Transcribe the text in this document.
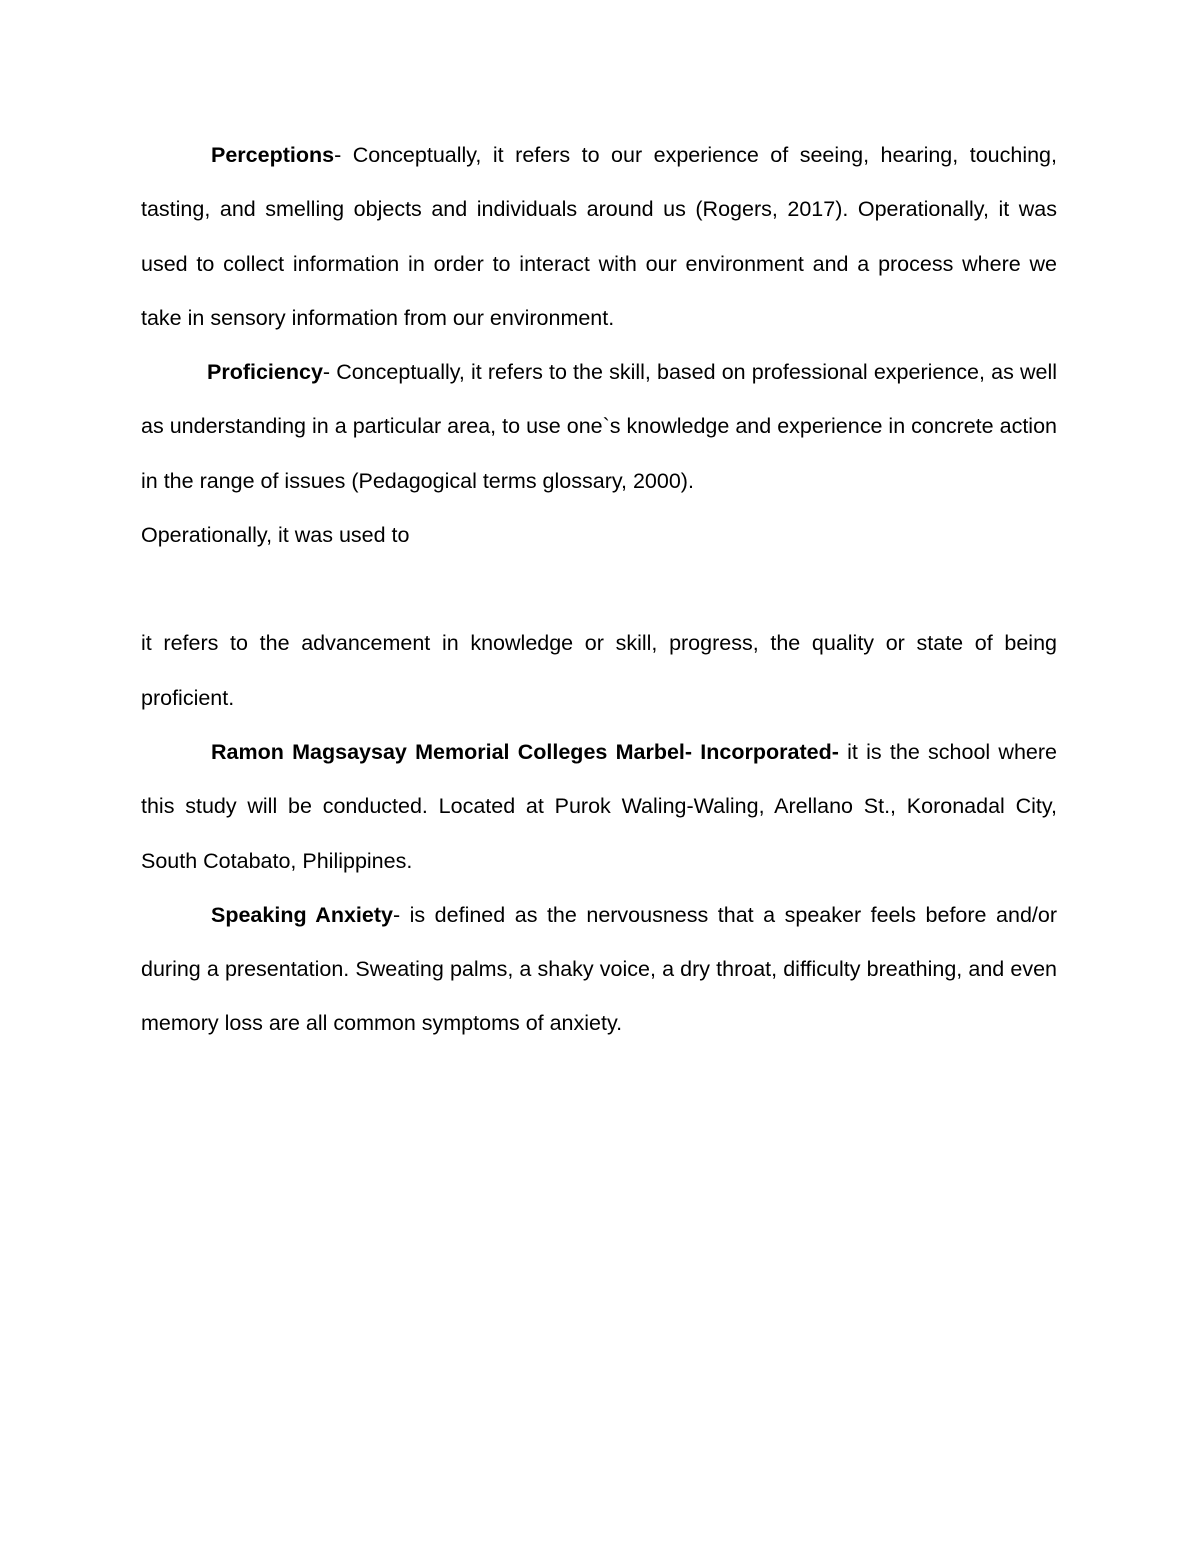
Perceptions- Conceptually, it refers to our experience of seeing, hearing, touching, tasting, and smelling objects and individuals around us (Rogers, 2017). Operationally, it was used to collect information in order to interact with our environment and a process where we take in sensory information from our environment.

Proficiency- Conceptually, it refers to the skill, based on professional experience, as well as understanding in a particular area, to use one`s knowledge and experience in concrete action in the range of issues (Pedagogical terms glossary, 2000).

Operationally, it was used to

it refers to the advancement in knowledge or skill, progress, the quality or state of being proficient.

Ramon Magsaysay Memorial Colleges Marbel- Incorporated- it is the school where this study will be conducted. Located at Purok Waling-Waling, Arellano St., Koronadal City, South Cotabato, Philippines.

Speaking Anxiety- is defined as the nervousness that a speaker feels before and/or during a presentation. Sweating palms, a shaky voice, a dry throat, difficulty breathing, and even memory loss are all common symptoms of anxiety.
